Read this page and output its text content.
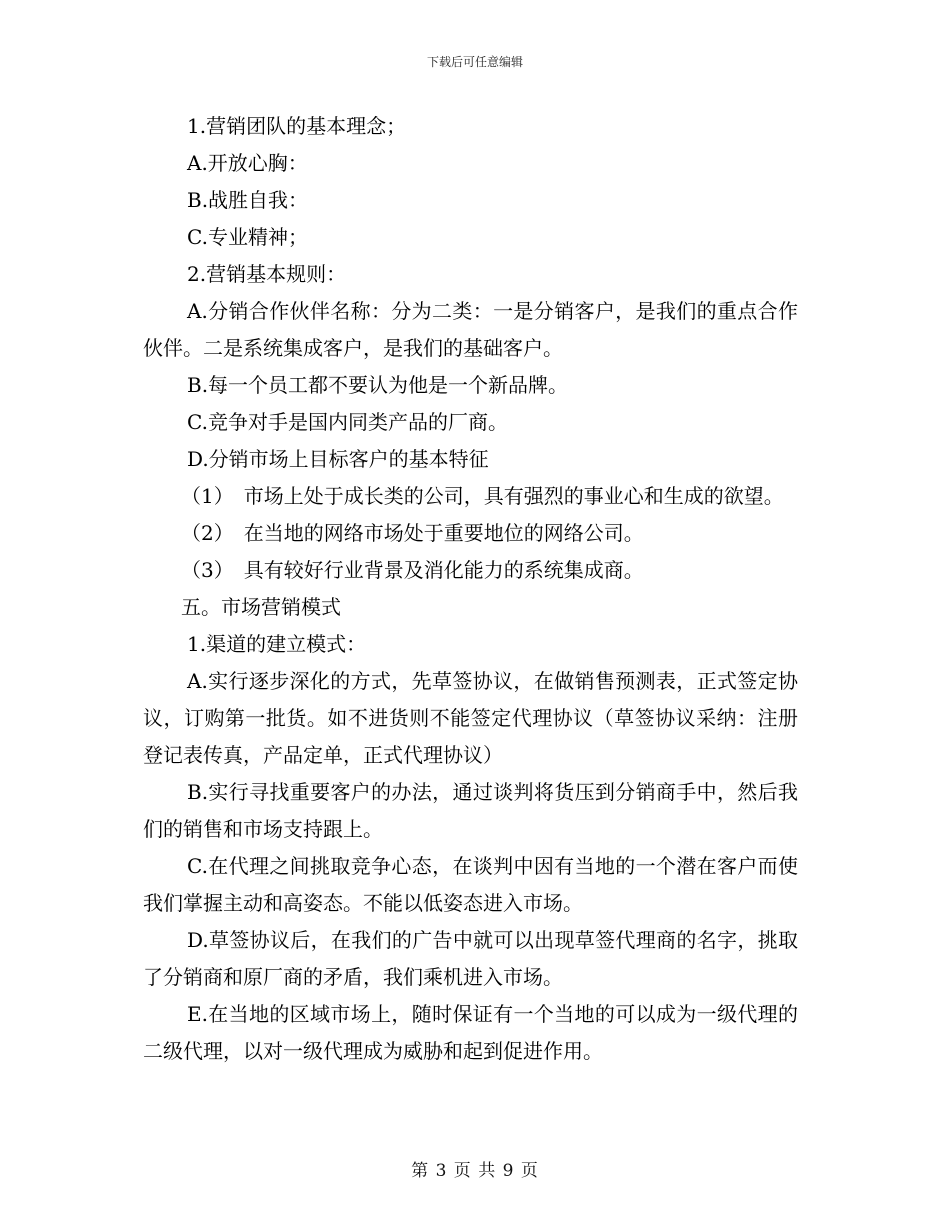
下载后可任意编辑

1.营销团队的基本理念；

A.开放心胸：

B.战胜自我：

C.专业精神；

2.营销基本规则：

A.分销合作伙伴名称：分为二类：一是分销客户，是我们的重点合作伙伴。二是系统集成客户，是我们的基础客户。

B.每一个员工都不要认为他是一个新品牌。

C.竞争对手是国内同类产品的厂商。

D.分销市场上目标客户的基本特征

（1）　市场上处于成长类的公司，具有强烈的事业心和生成的欲望。

（2）　在当地的网络市场处于重要地位的网络公司。

（3）　具有较好行业背景及消化能力的系统集成商。

五。市场营销模式

1.渠道的建立模式：

A.实行逐步深化的方式，先草签协议，在做销售预测表，正式签定协议，订购第一批货。如不进货则不能签定代理协议（草签协议采纳：注册登记表传真，产品定单，正式代理协议）

B.实行寻找重要客户的办法，通过谈判将货压到分销商手中，然后我们的销售和市场支持跟上。

C.在代理之间挑取竞争心态，在谈判中因有当地的一个潜在客户而使我们掌握主动和高姿态。不能以低姿态进入市场。

D.草签协议后，在我们的广告中就可以出现草签代理商的名字，挑取了分销商和原厂商的矛盾，我们乘机进入市场。

E.在当地的区域市场上，随时保证有一个当地的可以成为一级代理的二级代理，以对一级代理成为威胁和起到促进作用。

第 3 页 共 9 页
